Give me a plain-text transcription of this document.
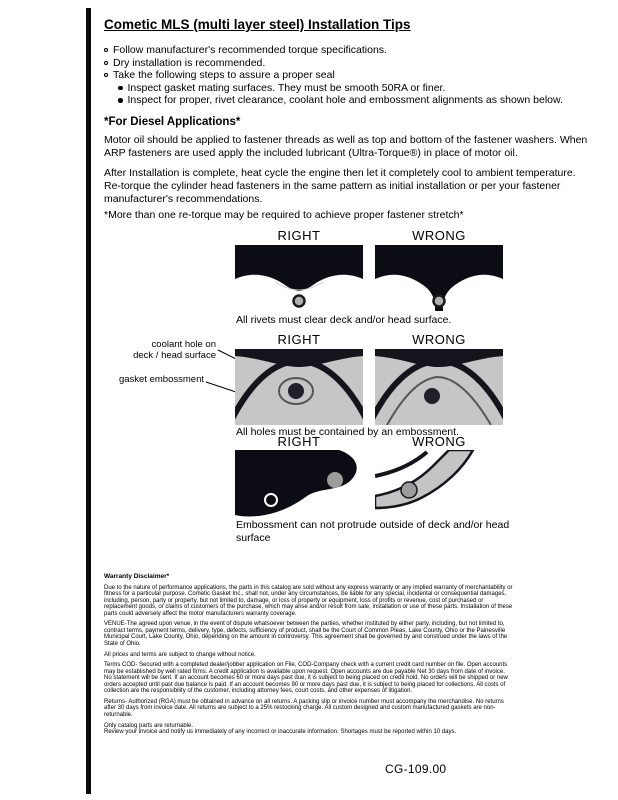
Cometic MLS (multi layer steel) Installation Tips
Follow manufacturer's recommended torque specifications.
Dry installation is recommended.
Take the following steps to assure a proper seal
Inspect gasket mating surfaces. They must be smooth 50RA or finer.
Inspect for proper, rivet clearance, coolant hole and embossment alignments as shown below.
*For Diesel Applications*
Motor oil should be applied to fastener threads as well as top and bottom of the fastener washers. When ARP fasteners are used apply the included lubricant (Ultra-Torque®) in place of motor oil.
After Installation is complete, heat cycle the engine then let it completely cool to ambient temperature. Re-torque the cylinder head fasteners in the same pattern as initial installation or per your fastener manufacturer's recommendations.
*More than one re-torque may be required to achieve proper fastener stretch*
RIGHT	WRONG
All rivets must clear deck and/or head surface.
RIGHT	WRONG
coolant hole on
deck / head surface
gasket embossment
All holes must be contained by an embossment.
RIGHT	WRONG
Embossment can not protrude outside of deck and/or head surface
Warranty Disclaimer*

Due to the nature of performance applications, the parts in this catalog are sold without any express warranty or any implied warranty of merchantability or fitness for a particular purpose. Cometic Gasket Inc., shall not, under any circumstances, be liable for any special, incidental or consequential damages, including, person, party or property, but not limited to, damage, or loss of property or equipment, loss of profits or revenue, cost of purchased or replacement goods, or claims of customers of the purchase, which may arise and/or result from sale, installation or use of these parts. Installation of these parts could adversely affect the motor manufacturers warranty coverage.

VENUE-The agreed upon venue, in the event of dispute whatsoever between the parties, whether instituted by either party, including, but not limited to, contract terms, payment terms, delivery, type, defects, sufficiency of product, shall be the Court of Common Pleas, Lake County, Ohio or the Painesville Municipal Court, Lake County, Ohio, depending on the amount in controversy. This agreement shall be governed by and construed under the laws of the State of Ohio.

All prices and terms are subject to change without notice.

Terms COD- Secured with a completed dealer/jobber application on File, COD-Company check with a current credit card number on file. Open accounts may be established by well rated firms. A credit application is available upon request. Open accounts are due payable Net 30 days from date of invoice. No statement will be sent. If an account becomes 60 or more days past due, it is subject to being placed on credit hold. No orders will be shipped or new orders accepted until past due balance is paid. If an account becomes 90 or more days past due, it is subject to being placed for collections. All costs of collection are the responsibility of the customer, including attorney fees, court costs, and other expenses of litigation.

Returns- Authorized (RGA) must be obtained in advance on all returns. A packing slip or invoice number must accompany the merchandise. No returns after 30 days from invoice date. All returns are subject to a 25% restocking charge. All custom designed and custom manufactured gaskets are non-returnable.

Only catalog parts are returnable.

Review your invoice and notify us immediately of any incorrect or inaccurate information. Shortages must be reported within 10 days.

CG-109.00
